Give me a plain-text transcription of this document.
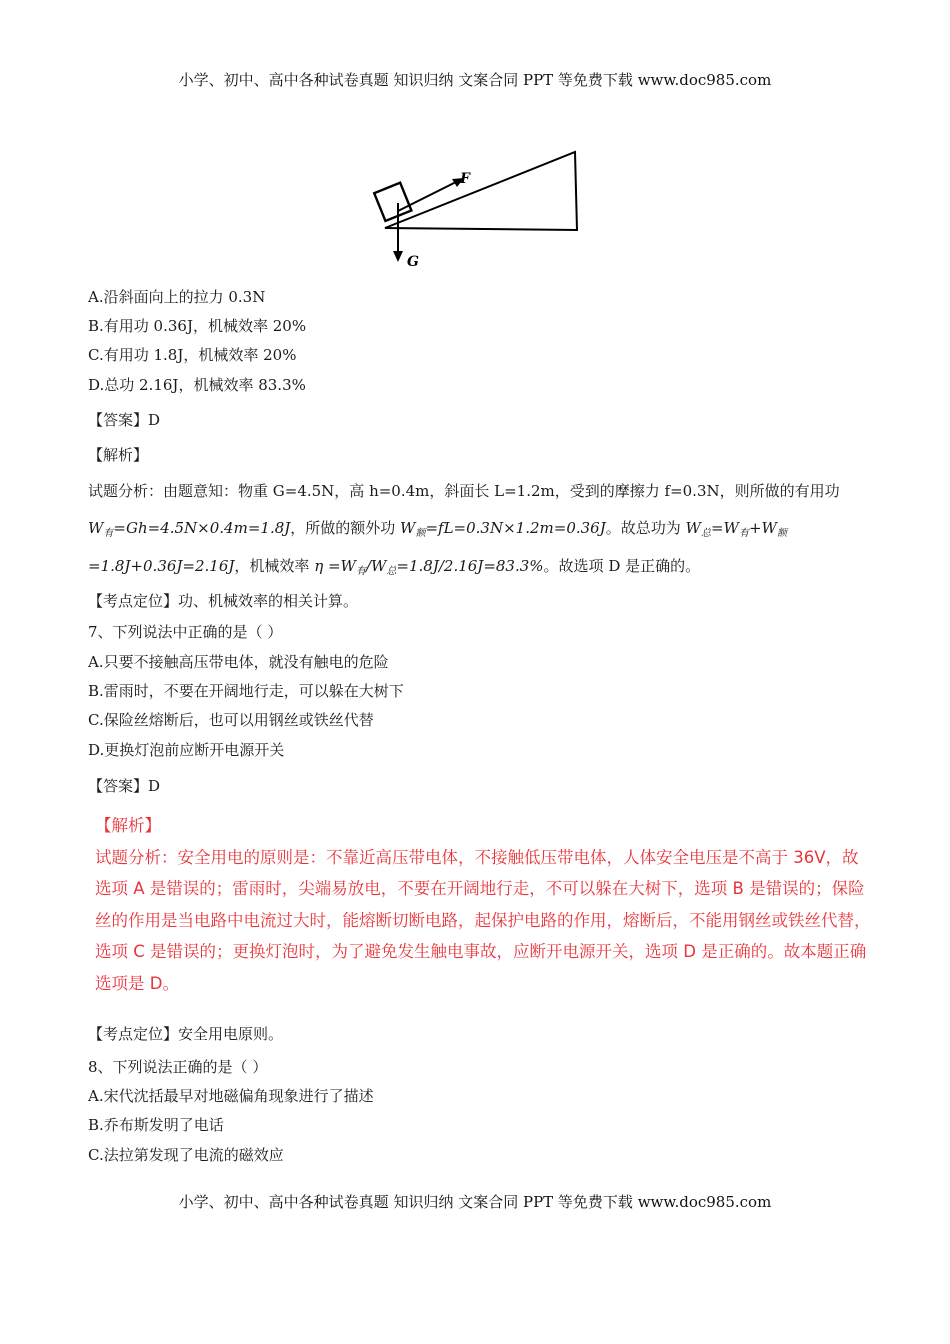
小学、初中、高中各种试卷真题 知识归纳 文案合同 PPT 等免费下载 www.doc985.com
F
G
A.沿斜面向上的拉力 0.3N
B.有用功 0.36J，机械效率 20%
C.有用功 1.8J，机械效率 20%
D.总功 2.16J，机械效率 83.3%
【答案】D
【解析】
试题分析：由题意知：物重 G=4.5N，高 h=0.4m，斜面长 L=1.2m，受到的摩擦力 f=0.3N，则所做的有用功
$W_有=Gh=4.5N\times 0.4m=1.8J$，所做的额外功 $W_额=fL=0.3N\times 1.2m=0.36J$。故总功为 $W_总=W_有+W_额$
=1.8J+0.36J=2.16J，机械效率 $\eta =W_有/W_总=1.8J/2.16J=83.3\%$。故选项 D 是正确的。
【考点定位】功、机械效率的相关计算。
7、下列说法中正确的是（ ）
A.只要不接触高压带电体，就没有触电的危险
B.雷雨时，不要在开阔地行走，可以躲在大树下
C.保险丝熔断后，也可以用钢丝或铁丝代替
D.更换灯泡前应断开电源开关
【答案】D

【解析】

试题分析：安全用电的原则是：不靠近高压带电体，不接触低压带电体，人体安全电压是不高于 36V，故

选项 A 是错误的；雷雨时，尖端易放电，不要在开阔地行走，不可以躲在大树下，选项 B 是错误的；保险

丝的作用是当电路中电流过大时，能熔断切断电路，起保护电路的作用，熔断后，不能用钢丝或铁丝代替，

选项 C 是错误的；更换灯泡时，为了避免发生触电事故，应断开电源开关，选项 D 是正确的。故本题正确

选项是 D。

【考点定位】安全用电原则。
8、下列说法正确的是（ ）
A.宋代沈括最早对地磁偏角现象进行了描述
B.乔布斯发明了电话
C.法拉第发现了电流的磁效应
小学、初中、高中各种试卷真题 知识归纳 文案合同 PPT 等免费下载 www.doc985.com
